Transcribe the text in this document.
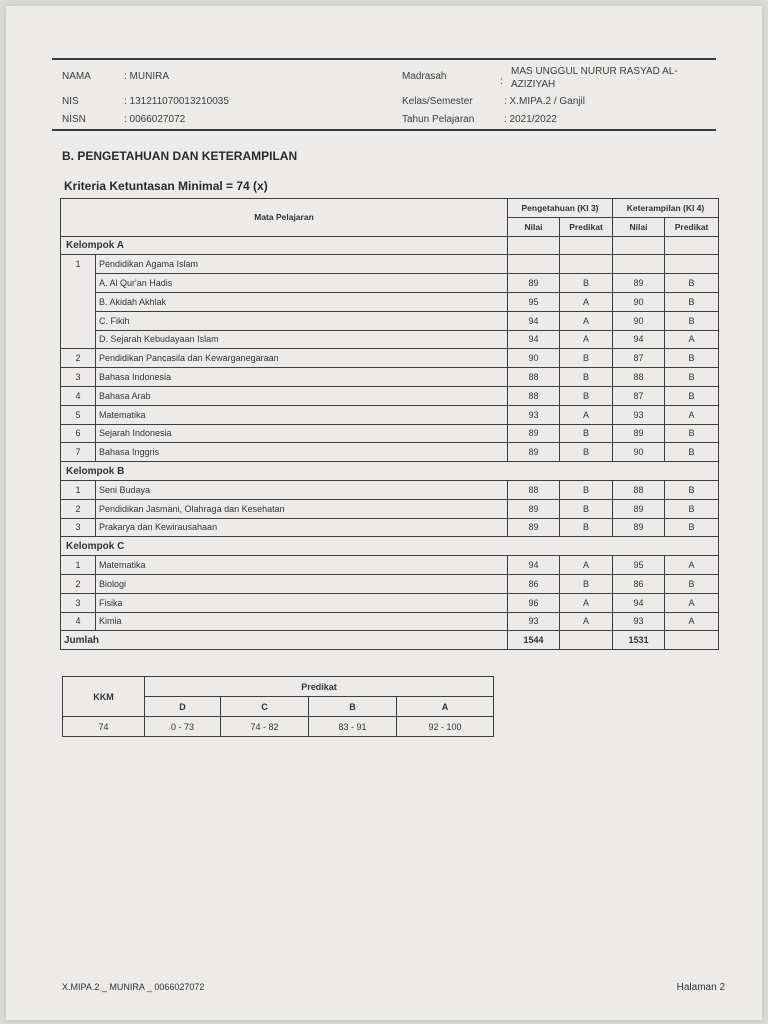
NAMA	: MUNIRA
NIS	: 131211070013210035
NISN	: 0066027072
Madrasah	:
MAS UNGGUL NURUR RASYAD AL-
AZIZIYAH
Kelas/Semester	: X.MIPA.2 / Ganjil
Tahun Pelajaran	: 2021/2022
B. PENGETAHUAN DAN KETERAMPILAN
Kriteria Ketuntasan Minimal = 74 (x)
Mata Pelajaran		Pengetahuan (KI 3)		Keterampilan (KI 4)	
		Nilai	Predikat	Nilai	Predikat
Kelompok A					
1	Pendidikan Agama Islam				
	A. Al Qur'an Hadis	89	B	89	B
	B. Akidah Akhlak	95	A	90	B
	C. Fikih	94	A	90	B
	D. Sejarah Kebudayaan Islam	94	A	94	A
2	Pendidikan Pancasila dan Kewarganegaraan	90	B	87	B
3	Bahasa Indonesia	88	B	88	B
4	Bahasa Arab	88	B	87	B
5	Matematika	93	A	93	A
6	Sejarah Indonesia	89	B	89	B
7	Bahasa Inggris	89	B	90	B
Kelompok B					
1	Seni Budaya	88	B	88	B
2	Pendidikan Jasmani, Olahraga dan Kesehatan	89	B	89	B
3	Prakarya dan Kewirausahaan	89	B	89	B
Kelompok C					
1	Matematika	94	A	95	A
2	Biologi	86	B	86	B
3	Fisika	96	A	94	A
4	Kimia	93	A	93	A
Jumlah		1544		1531	
KKM	Predikat			
	D	C	B	A
74	0 - 73	74 - 82	83 - 91	92 - 100
X.MIPA.2 _ MUNIRA _ 0066027072	Halaman 2
